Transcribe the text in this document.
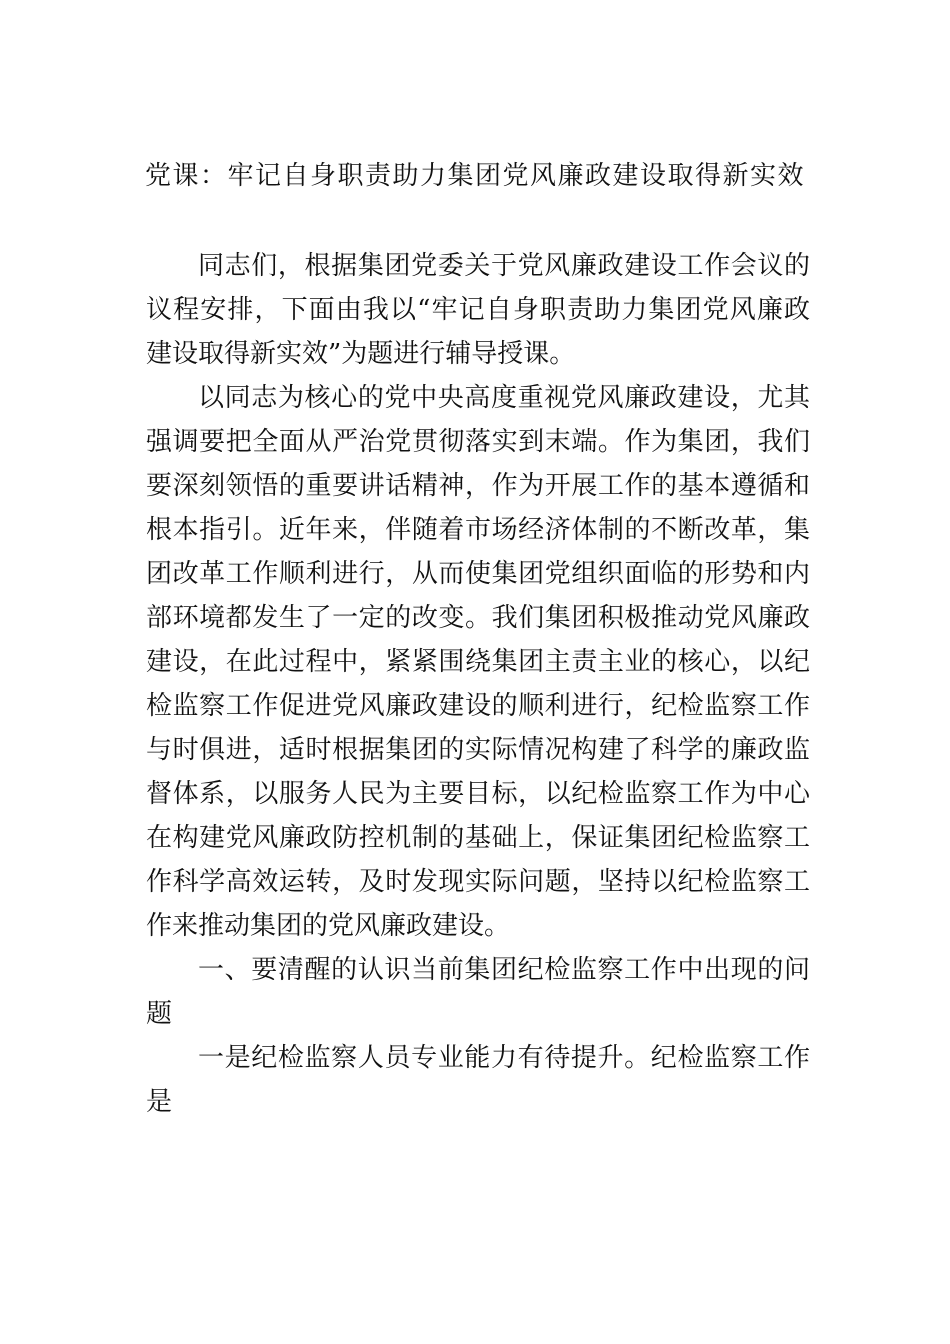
党课：牢记自身职责助力集团党风廉政建设取得新实效
同志们，根据集团党委关于党风廉政建设工作会议的
议程安排，下面由我以“牢记自身职责助力集团党风廉政
建设取得新实效”为题进行辅导授课。
以同志为核心的党中央高度重视党风廉政建设，尤其
强调要把全面从严治党贯彻落实到末端。作为集团，我们
要深刻领悟的重要讲话精神，作为开展工作的基本遵循和
根本指引。近年来，伴随着市场经济体制的不断改革，集
团改革工作顺利进行，从而使集团党组织面临的形势和内
部环境都发生了一定的改变。我们集团积极推动党风廉政
建设，在此过程中，紧紧围绕集团主责主业的核心，以纪
检监察工作促进党风廉政建设的顺利进行，纪检监察工作
与时俱进，适时根据集团的实际情况构建了科学的廉政监
督体系，以服务人民为主要目标，以纪检监察工作为中心
在构建党风廉政防控机制的基础上，保证集团纪检监察工
作科学高效运转，及时发现实际问题，坚持以纪检监察工
作来推动集团的党风廉政建设。
一、要清醒的认识当前集团纪检监察工作中出现的问
题
一是纪检监察人员专业能力有待提升。纪检监察工作
是
